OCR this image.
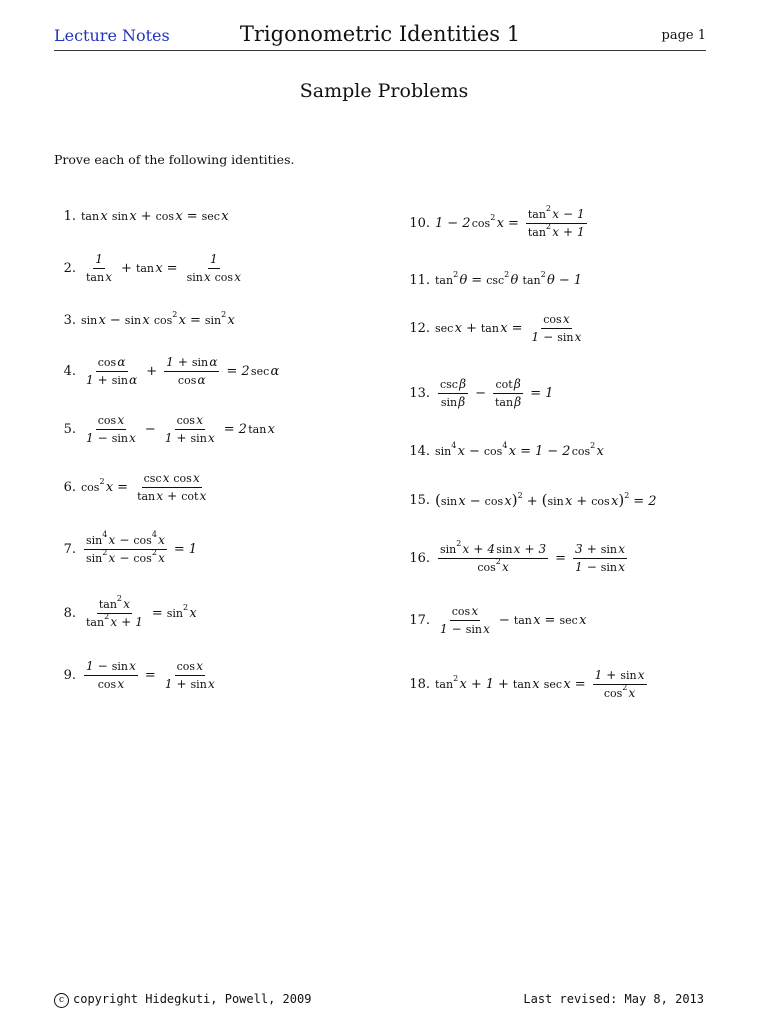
Lecture Notes	Trigonometric Identities 1	page 1
Sample Problems
Prove each of the following identities.
1. tan x sin x + cos x = sec x
2. $\frac{1}{\text{tan x}} + \tan$ $x = \frac{1}{\text{sin x cos x}}$
3. sin x − sin x $\cos^2$ $x = \sin^2$ x
4. $\frac{\text{cos α}}{\text{1 + sin α}} + \frac{\text{1 + sin α}}{\text{cos α}} = 2$ sec α
5. $\frac{\text{cos x}}{\text{1 − sin x}} - \frac{\text{cos x}}{\text{1 + sin x}} = 2$ tan x
6. $\cos^2$ $x = \frac{\text{csc x cos x}}{\text{tan x + cot x}}$
7. $\frac{\sin^4 x - \cos^4 x}{\sin^2 x - \cos^2 x} = 1$
8. $\frac{\tan^2 x}{\tan^2 x + 1} = \sin^2$ x
9. $\frac{\text{1 − sin x}}{\text{cos x}} = \frac{\text{cos x}}{\text{1 + sin x}}$
10. 1 − 2 $\cos^2$ $x = \frac{\tan^2 x - 1}{\tan^2 x + 1}$
11. $\tan^2$ $\theta = \csc^2$ θ $\tan^2$ θ − 1
12. sec x + tan $x = \frac{\text{cos x}}{\text{1 − sin x}}$
13. $\frac{\text{csc β}}{\text{sin β}} - \frac{\text{cot β}}{\text{tan β}} = 1$
14. $\sin^4$ $x - \cos^4$ x = 1 − 2 $\cos^2$ x
15. (sin x − cos x)$^2$ + (sin x + cos x)$^2$ = 2
16. $\frac{\sin^2 x + 4 \sin x + 3}{\cos^2 x} = \frac{\text{3 + sin x}}{\text{1 − sin x}}$
17. $\frac{\text{cos x}}{\text{1 − sin x}} - \tan$ x = sec x
18. $\tan^2$ x + 1 + tan x sec $x = \frac{\text{1 + sin x}}{\cos^2 x}$
c copyright Hidegkuti, Powell, 2009	Last revised: May 8, 2013
